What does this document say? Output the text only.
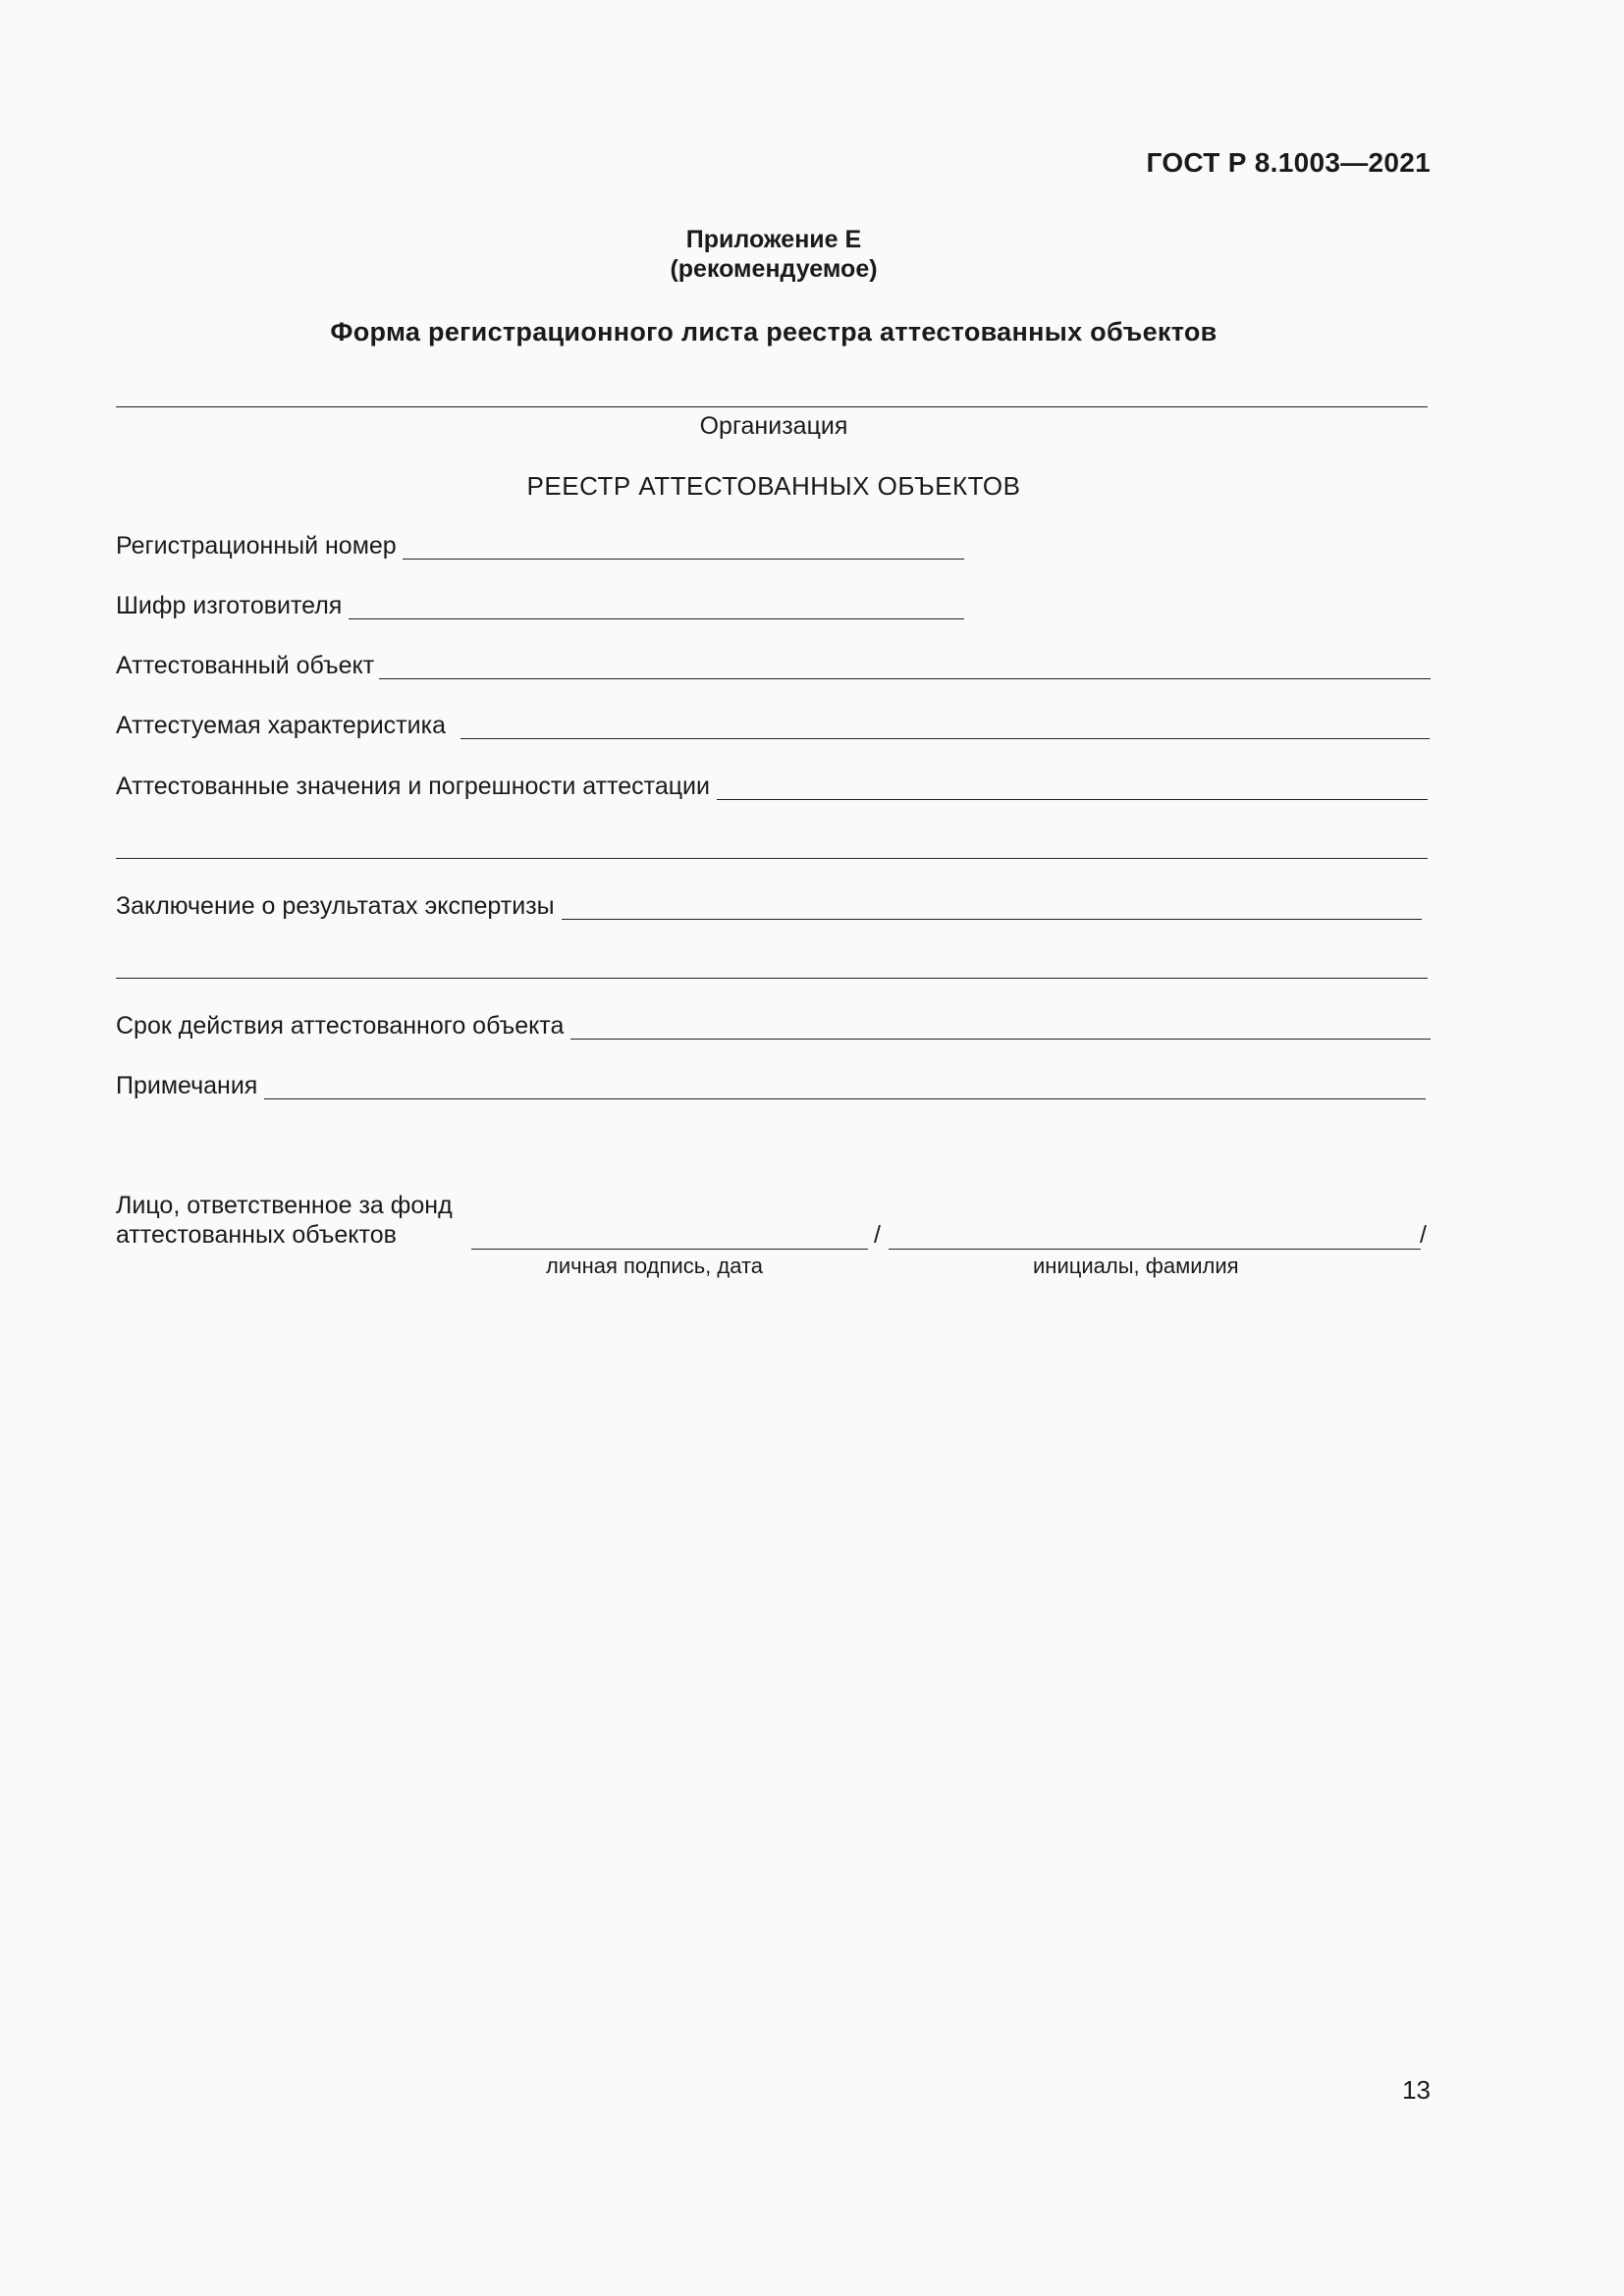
ГОСТ Р 8.1003—2021
Приложение Е
(рекомендуемое)
Форма регистрационного листа реестра аттестованных объектов
Организация
РЕЕСТР АТТЕСТОВАННЫХ ОБЪЕКТОВ
Регистрационный номер
Шифр изготовителя
Аттестованный объект
Аттестуемая характеристика
Аттестованные значения и погрешности аттестации
Заключение о результатах экспертизы
Срок действия аттестованного объекта
Примечания
Лицо, ответственное за фонд
аттестованных объектов	/	/
личная подпись, дата	инициалы, фамилия
13
